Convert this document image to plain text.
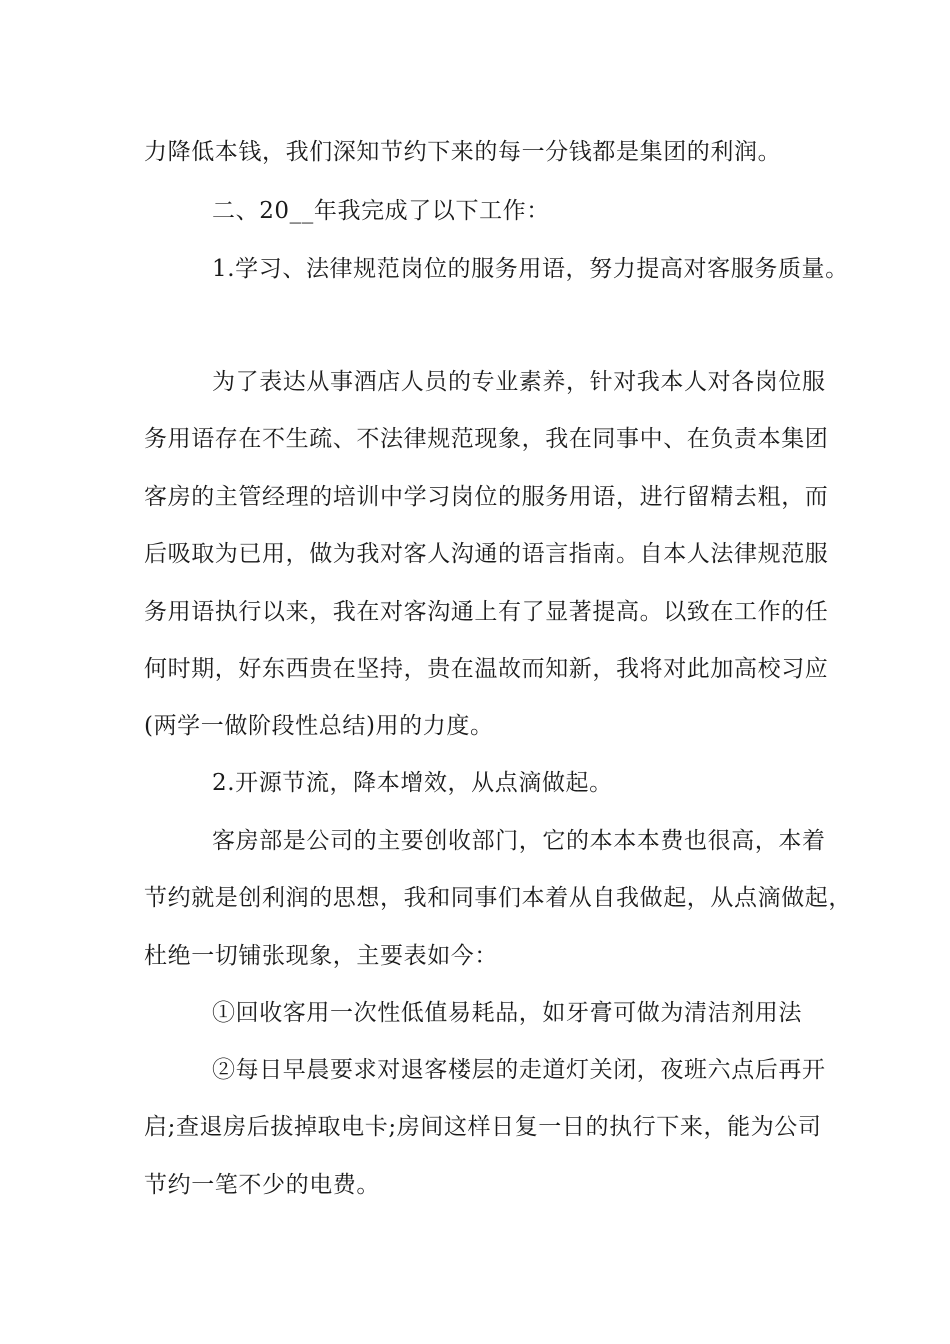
力降低本钱，我们深知节约下来的每一分钱都是集团的利润。
二、20__年我完成了以下工作：
1.学习、法律规范岗位的服务用语，努力提高对客服务质量。
为了表达从事酒店人员的专业素养，针对我本人对各岗位服
务用语存在不生疏、不法律规范现象，我在同事中、在负责本集团
客房的主管经理的培训中学习岗位的服务用语，进行留精去粗，而
后吸取为已用，做为我对客人沟通的语言指南。自本人法律规范服
务用语执行以来，我在对客沟通上有了显著提高。以致在工作的任
何时期，好东西贵在坚持，贵在温故而知新，我将对此加高校习应
(两学一做阶段性总结)用的力度。
2.开源节流，降本增效，从点滴做起。
客房部是公司的主要创收部门，它的本本本费也很高，本着
节约就是创利润的思想，我和同事们本着从自我做起，从点滴做起，
杜绝一切铺张现象，主要表如今：
①回收客用一次性低值易耗品，如牙膏可做为清洁剂用法
②每日早晨要求对退客楼层的走道灯关闭，夜班六点后再开
启;查退房后拔掉取电卡;房间这样日复一日的执行下来，能为公司
节约一笔不少的电费。
